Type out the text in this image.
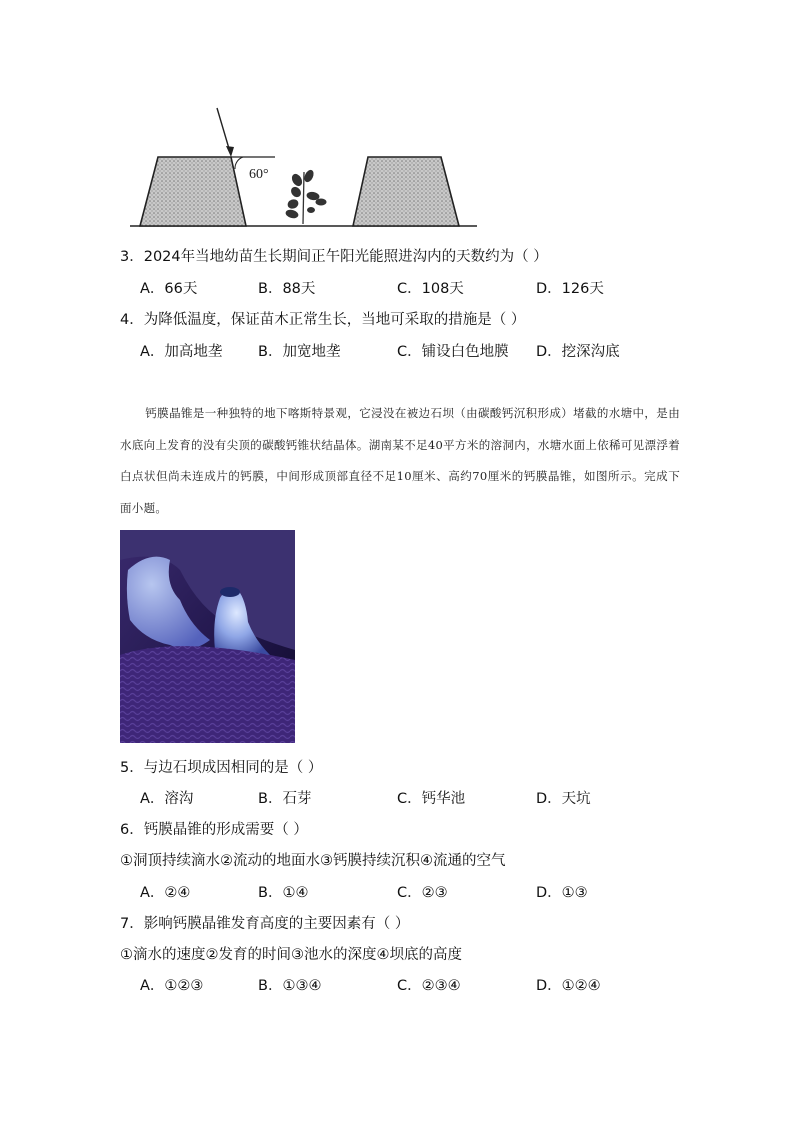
60°
3．2024年当地幼苗生长期间正午阳光能照进沟内的天数约为（ ）
A．66天	B．88天	C．108天	D．126天
4．为降低温度，保证苗木正常生长，当地可采取的措施是（ ）
A．加高地垄 B．加宽地垄	C．铺设白色地膜 D．挖深沟底
钙膜晶锥是一种独特的地下喀斯特景观，它浸没在被边石坝（由碳酸钙沉积形成）堵截的水塘中，是由水底向上发育的没有尖顶的碳酸钙锥状结晶体。湖南某不足40平方米的溶洞内，水塘水面上依稀可见漂浮着白点状但尚未连成片的钙膜，中间形成顶部直径不足10厘米、高约70厘米的钙膜晶锥，如图所示。完成下面小题。
5．与边石坝成因相同的是（ ）
A．溶沟	B．石芽	C．钙华池	D．天坑
6．钙膜晶锥的形成需要（ ）
①洞顶持续滴水②流动的地面水③钙膜持续沉积④流通的空气
A．②④	B．①④	C．②③	D．①③
7．影响钙膜晶锥发育高度的主要因素有（ ）
①滴水的速度②发育的时间③池水的深度④坝底的高度
A．①②③	B．①③④	C．②③④	D．①②④
